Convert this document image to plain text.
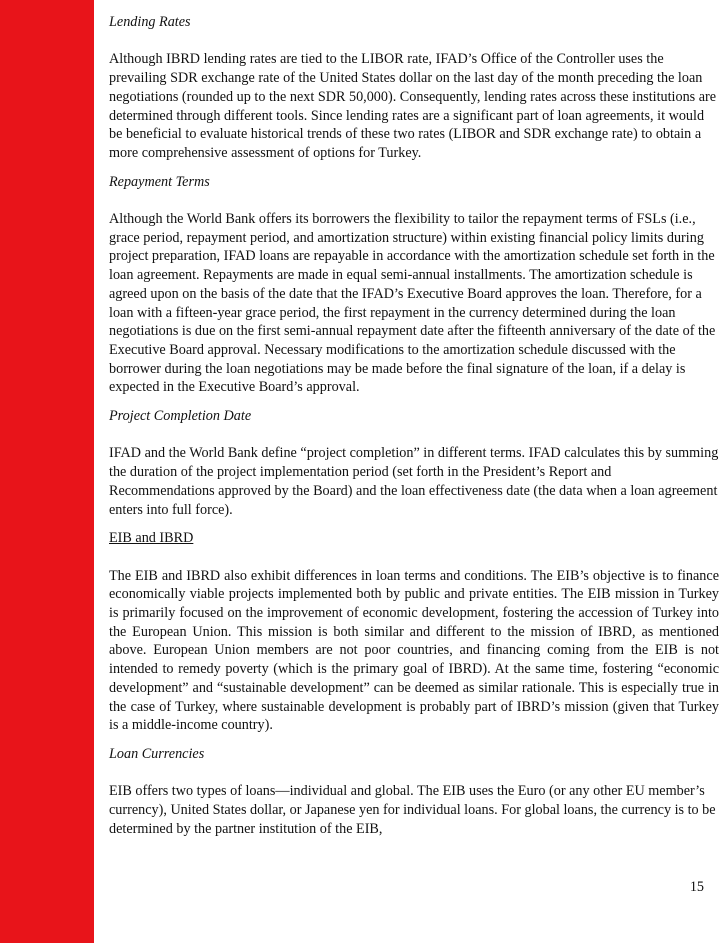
Lending Rates
Although IBRD lending rates are tied to the LIBOR rate, IFAD’s Office of the Controller uses the prevailing SDR exchange rate of the United States dollar on the last day of the month preceding the loan negotiations (rounded up to the next SDR 50,000). Consequently, lending rates across these institutions are determined through different tools. Since lending rates are a significant part of loan agreements, it would be beneficial to evaluate historical trends of these two rates (LIBOR and SDR exchange rate) to obtain a more comprehensive assessment of options for Turkey.
Repayment Terms
Although the World Bank offers its borrowers the flexibility to tailor the repayment terms of FSLs (i.e., grace period, repayment period, and amortization structure) within existing financial policy limits during project preparation, IFAD loans are repayable in accordance with the amortization schedule set forth in the loan agreement. Repayments are made in equal semi-annual installments. The amortization schedule is agreed upon on the basis of the date that the IFAD’s Executive Board approves the loan. Therefore, for a loan with a fifteen-year grace period, the first repayment in the currency determined during the loan negotiations is due on the first semi-annual repayment date after the fifteenth anniversary of the date of the Executive Board approval. Necessary modifications to the amortization schedule discussed with the borrower during the loan negotiations may be made before the final signature of the loan, if a delay is expected in the Executive Board’s approval.
Project Completion Date
IFAD and the World Bank define “project completion” in different terms. IFAD calculates this by summing the duration of the project implementation period (set forth in the President’s Report and Recommendations approved by the Board) and the loan effectiveness date (the data when a loan agreement enters into full force).
EIB and IBRD
The EIB and IBRD also exhibit differences in loan terms and conditions. The EIB’s objective is to finance economically viable projects implemented both by public and private entities. The EIB mission in Turkey is primarily focused on the improvement of economic development, fostering the accession of Turkey into the European Union. This mission is both similar and different to the mission of IBRD, as mentioned above. European Union members are not poor countries, and financing coming from the EIB is not intended to remedy poverty (which is the primary goal of IBRD). At the same time, fostering “economic development” and “sustainable development” can be deemed as similar rationale. This is especially true in the case of Turkey, where sustainable development is probably part of IBRD’s mission (given that Turkey is a middle-income country).
Loan Currencies
EIB offers two types of loans—individual and global. The EIB uses the Euro (or any other EU member’s currency), United States dollar, or Japanese yen for individual loans. For global loans, the currency is to be determined by the partner institution of the EIB,
15
